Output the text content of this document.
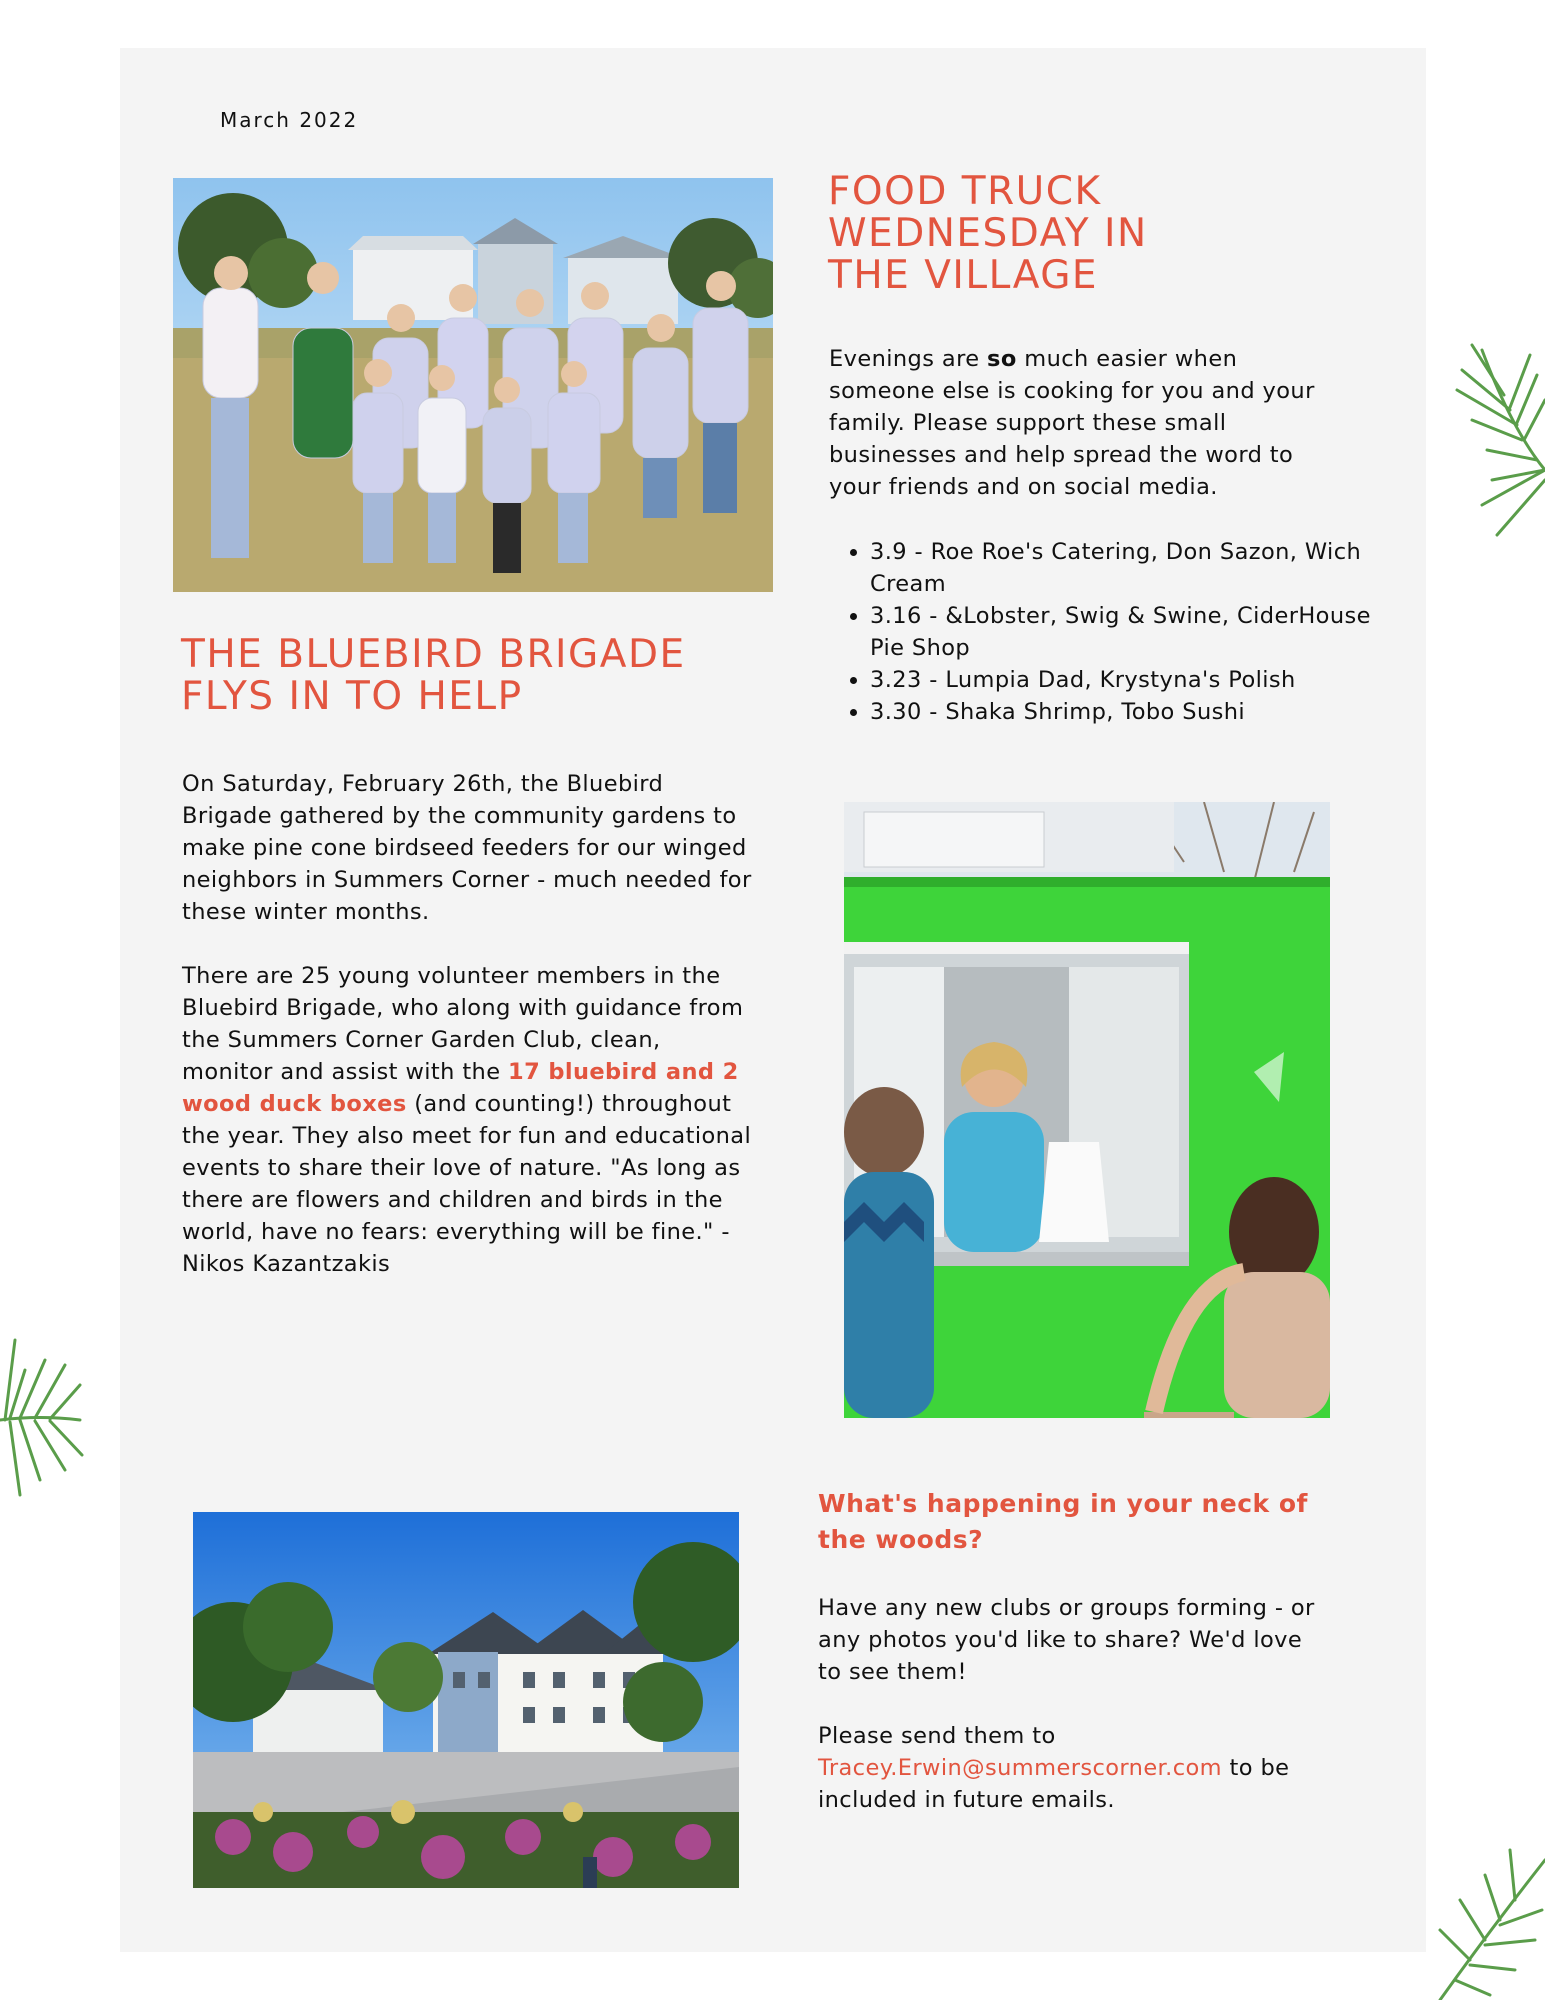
March 2022
THE BLUEBIRD BRIGADE
FLYS IN TO HELP

On Saturday, February 26th, the Bluebird Brigade gathered by the community gardens to make pine cone birdseed feeders for our winged neighbors in Summers Corner - much needed for these winter months.

There are 25 young volunteer members in the Bluebird Brigade, who along with guidance from the Summers Corner Garden Club, clean, monitor and assist with the 17 bluebird and 2 wood duck boxes (and counting!) throughout the year. They also meet for fun and educational events to share their love of nature. "As long as there are flowers and children and birds in the world, have no fears: everything will be fine." - Nikos Kazantzakis

FOOD TRUCK
WEDNESDAY IN
THE VILLAGE

Evenings are so much easier when someone else is cooking for you and your family. Please support these small businesses and help spread the word to your friends and on social media.

• 3.9 - Roe Roe's Catering, Don Sazon, Wich Cream
• 3.16 - &Lobster, Swig & Swine, CiderHouse Pie Shop
• 3.23 - Lumpia Dad, Krystyna's Polish
• 3.30 - Shaka Shrimp, Tobo Sushi
What's happening in your neck of the woods?

Have any new clubs or groups forming - or any photos you'd like to share? We'd love to see them!

Please send them to Tracey.Erwin@summerscorner.com to be included in future emails.
